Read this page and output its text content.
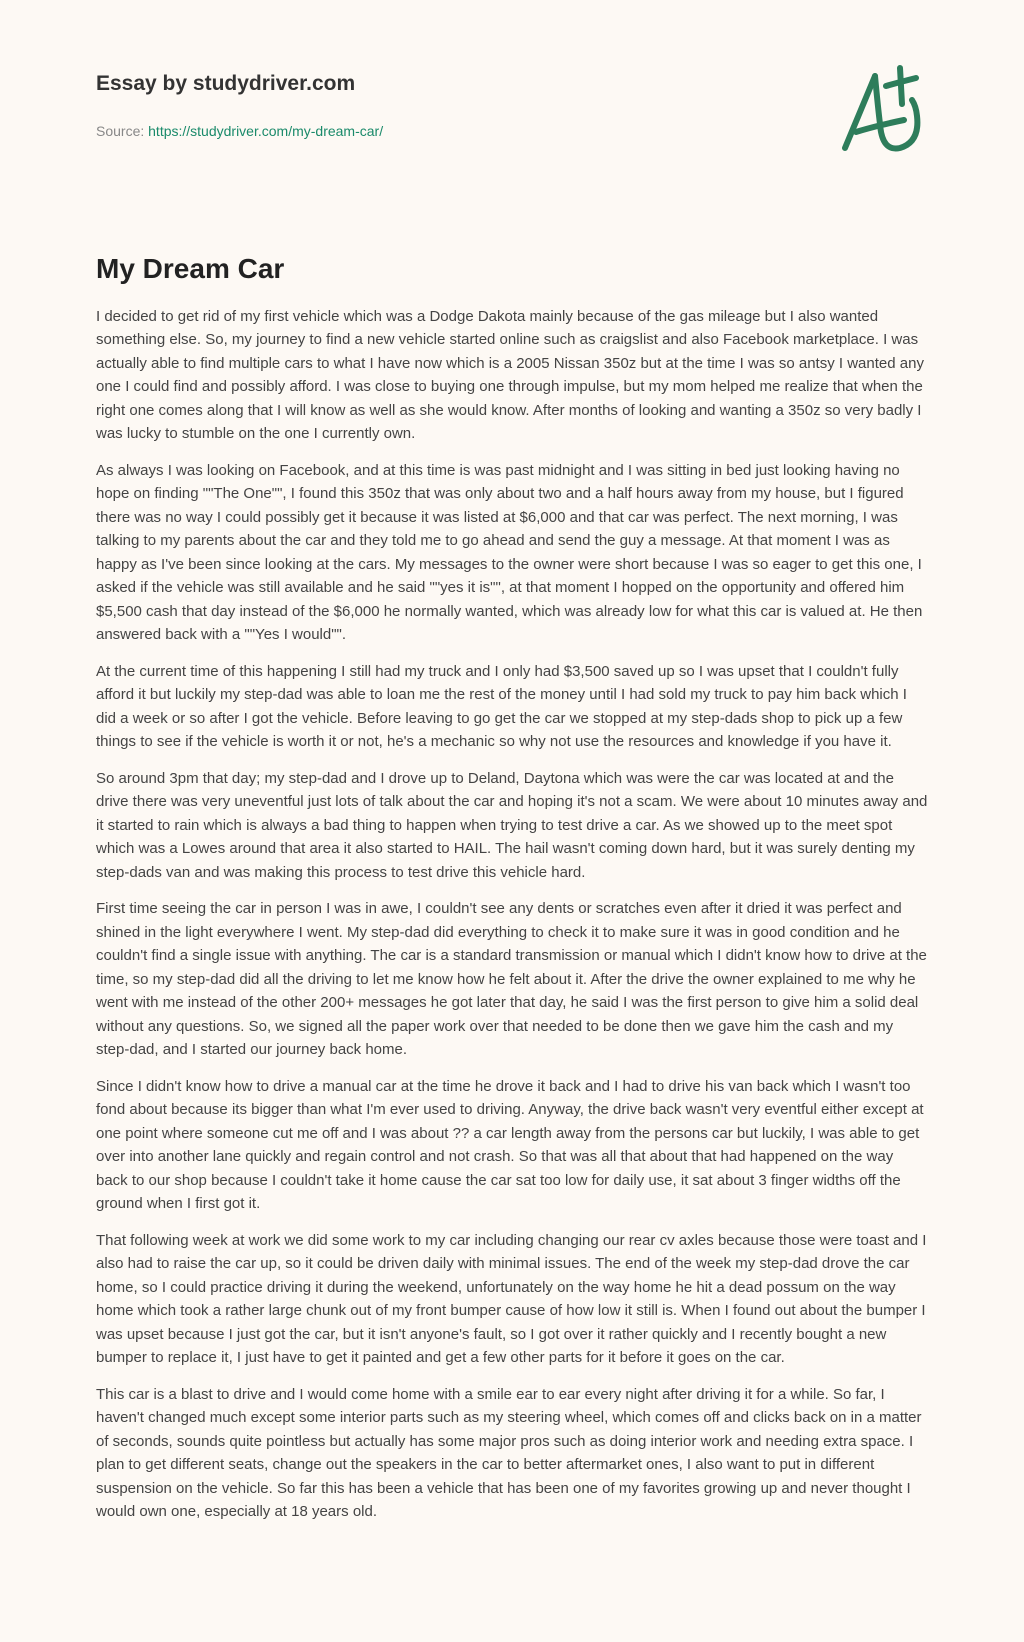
Essay by studydriver.com
Source: https://studydriver.com/my-dream-car/
My Dream Car

I decided to get rid of my first vehicle which was a Dodge Dakota mainly because of the gas mileage but I also wanted something else. So, my journey to find a new vehicle started online such as craigslist and also Facebook marketplace. I was actually able to find multiple cars to what I have now which is a 2005 Nissan 350z but at the time I was so antsy I wanted any one I could find and possibly afford. I was close to buying one through impulse, but my mom helped me realize that when the right one comes along that I will know as well as she would know. After months of looking and wanting a 350z so very badly I was lucky to stumble on the one I currently own.

As always I was looking on Facebook, and at this time is was past midnight and I was sitting in bed just looking having no hope on finding ""The One"", I found this 350z that was only about two and a half hours away from my house, but I figured there was no way I could possibly get it because it was listed at $6,000 and that car was perfect. The next morning, I was talking to my parents about the car and they told me to go ahead and send the guy a message. At that moment I was as happy as I've been since looking at the cars. My messages to the owner were short because I was so eager to get this one, I asked if the vehicle was still available and he said ""yes it is"", at that moment I hopped on the opportunity and offered him $5,500 cash that day instead of the $6,000 he normally wanted, which was already low for what this car is valued at. He then answered back with a ""Yes I would"".

At the current time of this happening I still had my truck and I only had $3,500 saved up so I was upset that I couldn't fully afford it but luckily my step-dad was able to loan me the rest of the money until I had sold my truck to pay him back which I did a week or so after I got the vehicle. Before leaving to go get the car we stopped at my step-dads shop to pick up a few things to see if the vehicle is worth it or not, he's a mechanic so why not use the resources and knowledge if you have it.

So around 3pm that day; my step-dad and I drove up to Deland, Daytona which was were the car was located at and the drive there was very uneventful just lots of talk about the car and hoping it's not a scam. We were about 10 minutes away and it started to rain which is always a bad thing to happen when trying to test drive a car. As we showed up to the meet spot which was a Lowes around that area it also started to HAIL. The hail wasn't coming down hard, but it was surely denting my step-dads van and was making this process to test drive this vehicle hard.

First time seeing the car in person I was in awe, I couldn't see any dents or scratches even after it dried it was perfect and shined in the light everywhere I went. My step-dad did everything to check it to make sure it was in good condition and he couldn't find a single issue with anything. The car is a standard transmission or manual which I didn't know how to drive at the time, so my step-dad did all the driving to let me know how he felt about it. After the drive the owner explained to me why he went with me instead of the other 200+ messages he got later that day, he said I was the first person to give him a solid deal without any questions. So, we signed all the paper work over that needed to be done then we gave him the cash and my step-dad, and I started our journey back home.

Since I didn't know how to drive a manual car at the time he drove it back and I had to drive his van back which I wasn't too fond about because its bigger than what I'm ever used to driving. Anyway, the drive back wasn't very eventful either except at one point where someone cut me off and I was about ?? a car length away from the persons car but luckily, I was able to get over into another lane quickly and regain control and not crash. So that was all that about that had happened on the way back to our shop because I couldn't take it home cause the car sat too low for daily use, it sat about 3 finger widths off the ground when I first got it.

That following week at work we did some work to my car including changing our rear cv axles because those were toast and I also had to raise the car up, so it could be driven daily with minimal issues. The end of the week my step-dad drove the car home, so I could practice driving it during the weekend, unfortunately on the way home he hit a dead possum on the way home which took a rather large chunk out of my front bumper cause of how low it still is. When I found out about the bumper I was upset because I just got the car, but it isn't anyone's fault, so I got over it rather quickly and I recently bought a new bumper to replace it, I just have to get it painted and get a few other parts for it before it goes on the car.

This car is a blast to drive and I would come home with a smile ear to ear every night after driving it for a while. So far, I haven't changed much except some interior parts such as my steering wheel, which comes off and clicks back on in a matter of seconds, sounds quite pointless but actually has some major pros such as doing interior work and needing extra space. I plan to get different seats, change out the speakers in the car to better aftermarket ones, I also want to put in different suspension on the vehicle. So far this has been a vehicle that has been one of my favorites growing up and never thought I would own one, especially at 18 years old.
